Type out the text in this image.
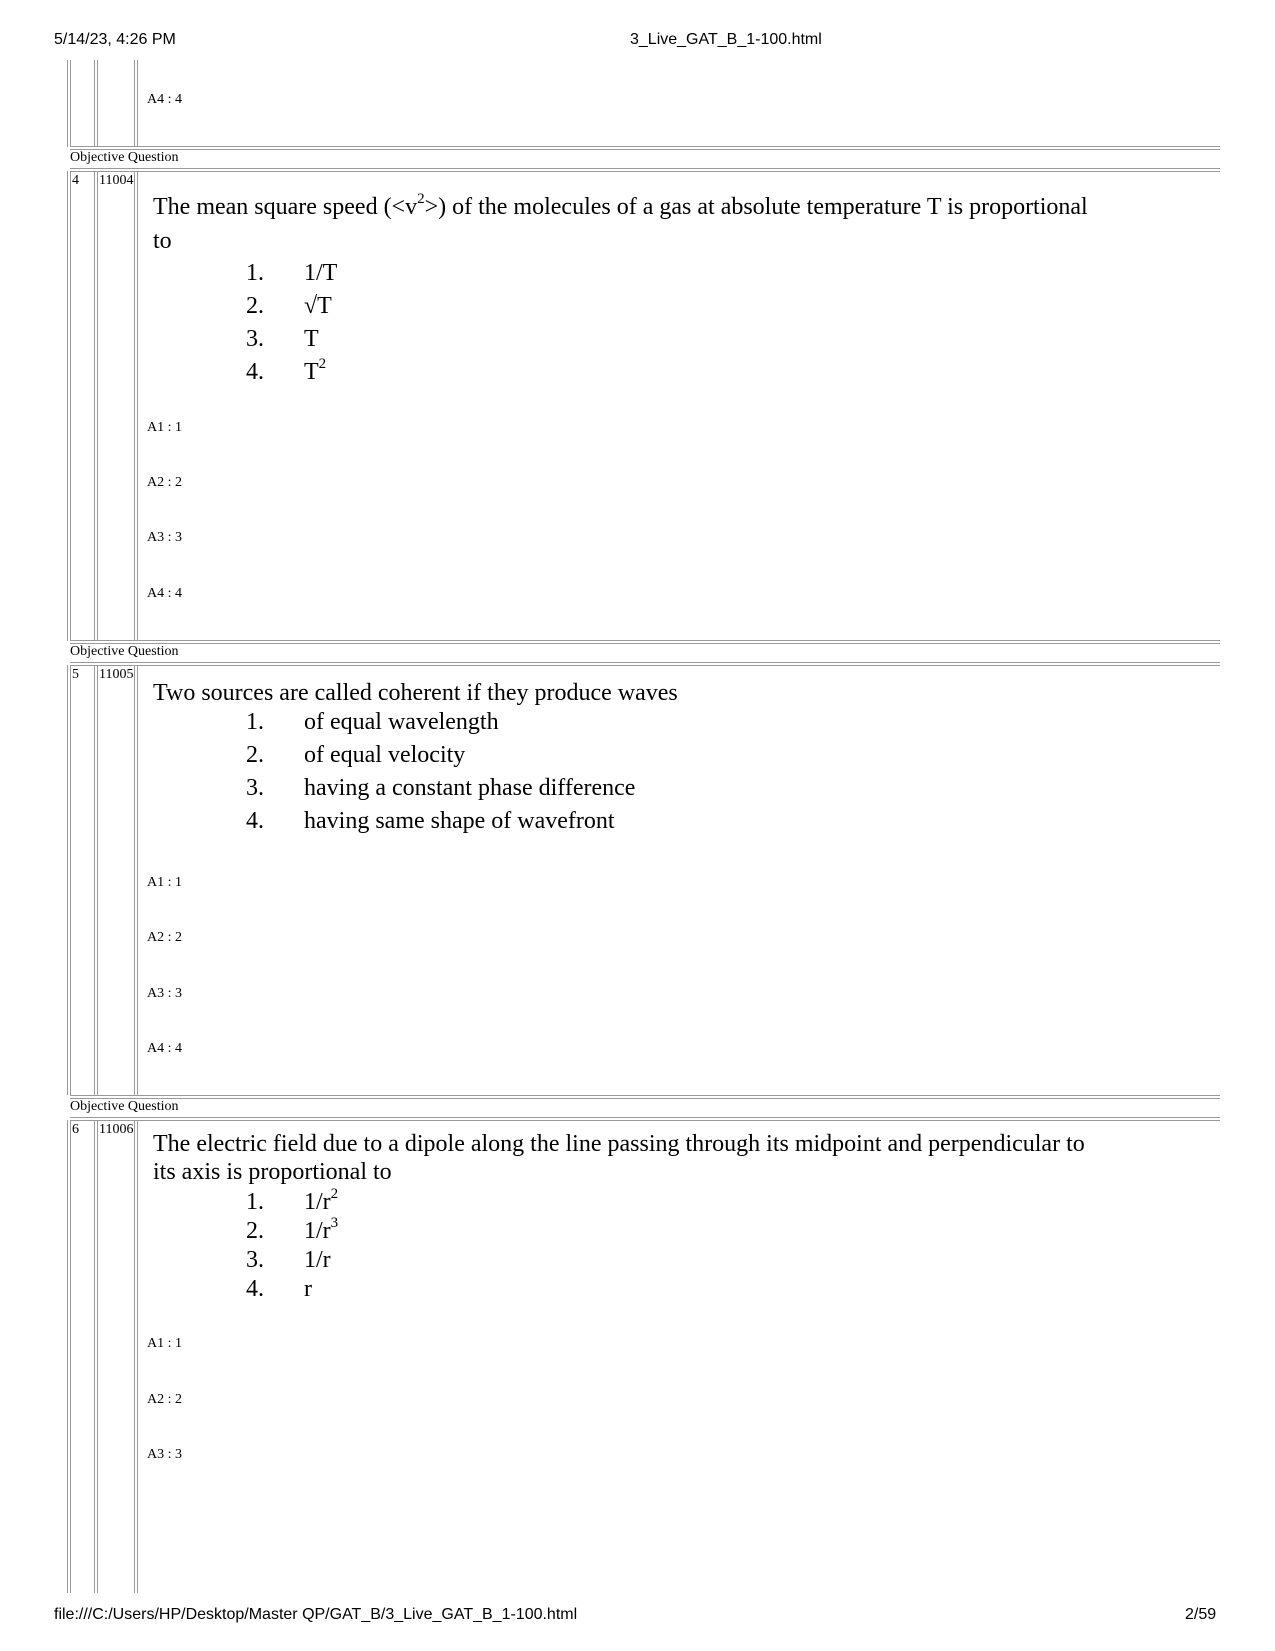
5/14/23, 4:26 PM	3_Live_GAT_B_1-100.html
A4 : 4
Objective Question
4 11004
The mean square speed $(<v^2>)$ of the molecules of a gas at absolute temperature T is proportional
to
1. 1/T
2. √T
3. T
4. $T^2$
A1 : 1
A2 : 2
A3 : 3
A4 : 4
Objective Question
5 11005
Two sources are called coherent if they produce waves
1. of equal wavelength
2. of equal velocity
3. having a constant phase difference
4. having same shape of wavefront
A1 : 1
A2 : 2
A3 : 3
A4 : 4
Objective Question
6 11006
The electric field due to a dipole along the line passing through its midpoint and perpendicular to
its axis is proportional to
1. $1/r^2$
2. $1/r^3$
3. 1/r
4. r
A1 : 1
A2 : 2
A3 : 3
file:///C:/Users/HP/Desktop/Master QP/GAT_B/3_Live_GAT_B_1-100.html	2/59
